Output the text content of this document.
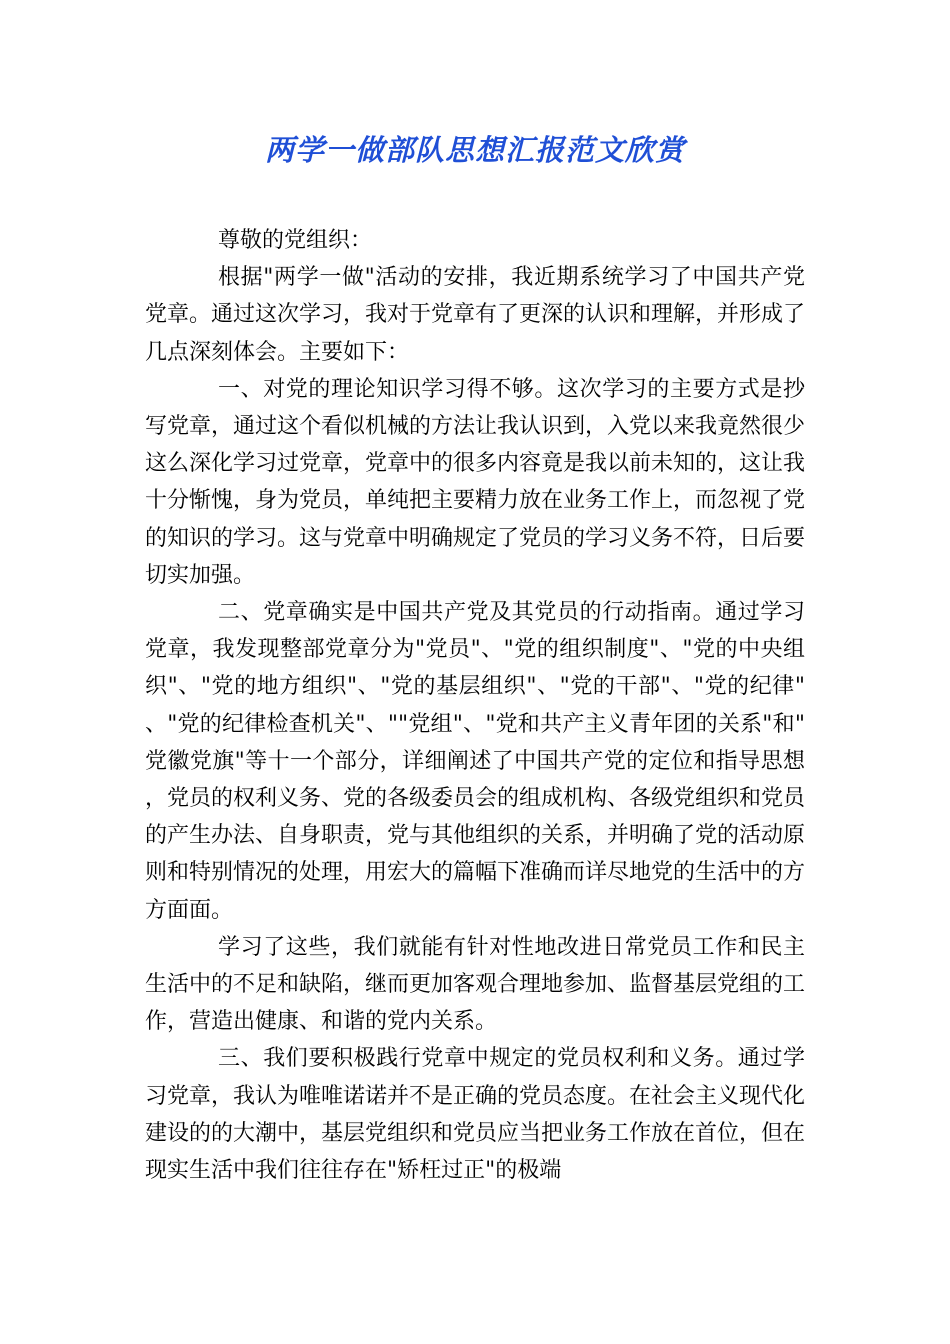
两学一做部队思想汇报范文欣赏

尊敬的党组织：

根据"两学一做"活动的安排，我近期系统学习了中国共产党党章。通过这次学习，我对于党章有了更深的认识和理解，并形成了几点深刻体会。主要如下：

一、对党的理论知识学习得不够。这次学习的主要方式是抄写党章，通过这个看似机械的方法让我认识到，入党以来我竟然很少这么深化学习过党章，党章中的很多内容竟是我以前未知的，这让我十分惭愧，身为党员，单纯把主要精力放在业务工作上，而忽视了党的知识的学习。这与党章中明确规定了党员的学习义务不符，日后要切实加强。

二、党章确实是中国共产党及其党员的行动指南。通过学习党章，我发现整部党章分为"党员"、"党的组织制度"、"党的中央组织"、"党的地方组织"、"党的基层组织"、"党的干部"、"党的纪律"、"党的纪律检查机关"、""党组"、"党和共产主义青年团的关系"和"党徽党旗"等十一个部分，详细阐述了中国共产党的定位和指导思想，党员的权利义务、党的各级委员会的组成机构、各级党组织和党员的产生办法、自身职责，党与其他组织的关系，并明确了党的活动原则和特别情况的处理，用宏大的篇幅下准确而详尽地党的生活中的方方面面。

学习了这些，我们就能有针对性地改进日常党员工作和民主生活中的不足和缺陷，继而更加客观合理地参加、监督基层党组的工作，营造出健康、和谐的党内关系。

三、我们要积极践行党章中规定的党员权利和义务。通过学习党章，我认为唯唯诺诺并不是正确的党员态度。在社会主义现代化建设的的大潮中，基层党组织和党员应当把业务工作放在首位，但在现实生活中我们往往存在"矫枉过正"的极端
